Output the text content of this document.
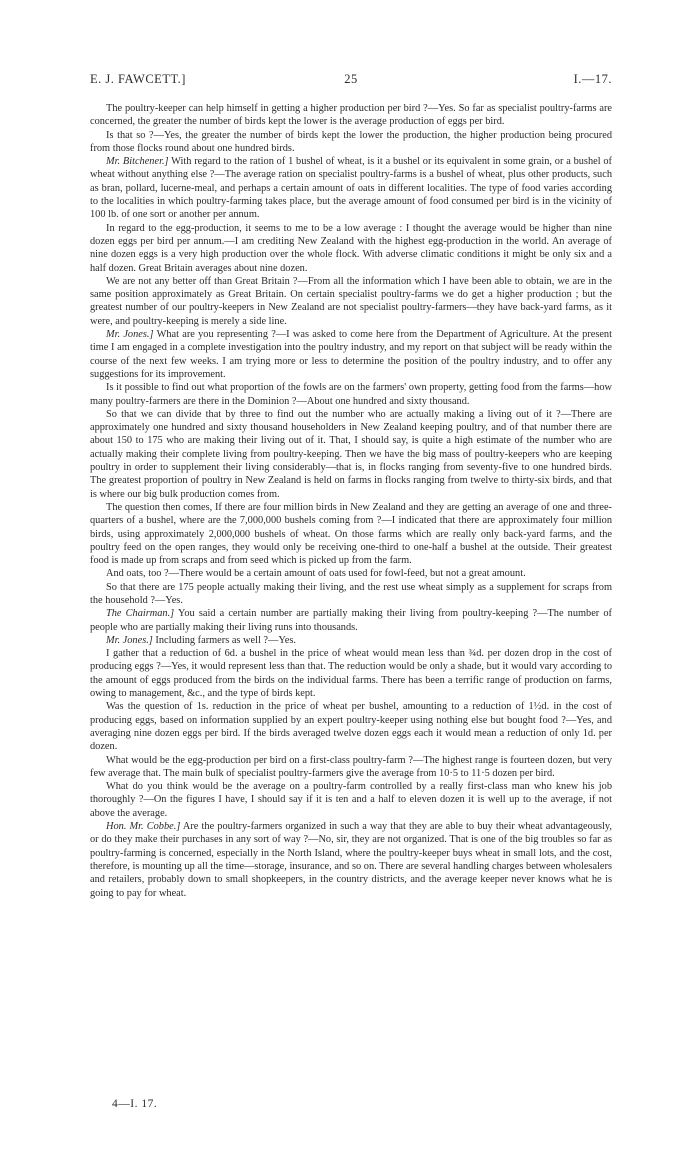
E. J. FAWCETT.]	25	I.—17.

The poultry-keeper can help himself in getting a higher production per bird ?—Yes. So far as specialist poultry-farms are concerned, the greater the number of birds kept the lower is the average production of eggs per bird.

Is that so ?—Yes, the greater the number of birds kept the lower the production, the higher production being procured from those flocks round about one hundred birds.

Mr. Bitchener.] With regard to the ration of 1 bushel of wheat, is it a bushel or its equivalent in some grain, or a bushel of wheat without anything else ?—The average ration on specialist poultry-farms is a bushel of wheat, plus other products, such as bran, pollard, lucerne-meal, and perhaps a certain amount of oats in different localities. The type of food varies according to the localities in which poultry-farming takes place, but the average amount of food consumed per bird is in the vicinity of 100 lb. of one sort or another per annum.

In regard to the egg-production, it seems to me to be a low average : I thought the average would be higher than nine dozen eggs per bird per annum.—I am crediting New Zealand with the highest egg-production in the world. An average of nine dozen eggs is a very high production over the whole flock. With adverse climatic conditions it might be only six and a half dozen. Great Britain averages about nine dozen.

We are not any better off than Great Britain ?—From all the information which I have been able to obtain, we are in the same position approximately as Great Britain. On certain specialist poultry-farms we do get a higher production ; but the greatest number of our poultry-keepers in New Zealand are not specialist poultry-farmers—they have back-yard farms, as it were, and poultry-keeping is merely a side line.

Mr. Jones.] What are you representing ?—I was asked to come here from the Department of Agriculture. At the present time I am engaged in a complete investigation into the poultry industry, and my report on that subject will be ready within the course of the next few weeks. I am trying more or less to determine the position of the poultry industry, and to offer any suggestions for its improvement.

Is it possible to find out what proportion of the fowls are on the farmers' own property, getting food from the farms—how many poultry-farmers are there in the Dominion ?—About one hundred and sixty thousand.

So that we can divide that by three to find out the number who are actually making a living out of it ?—There are approximately one hundred and sixty thousand householders in New Zealand keeping poultry, and of that number there are about 150 to 175 who are making their living out of it. That, I should say, is quite a high estimate of the number who are actually making their complete living from poultry-keeping. Then we have the big mass of poultry-keepers who are keeping poultry in order to supplement their living considerably—that is, in flocks ranging from seventy-five to one hundred birds. The greatest proportion of poultry in New Zealand is held on farms in flocks ranging from twelve to thirty-six birds, and that is where our big bulk production comes from.

The question then comes, If there are four million birds in New Zealand and they are getting an average of one and three-quarters of a bushel, where are the 7,000,000 bushels coming from ?—I indicated that there are approximately four million birds, using approximately 2,000,000 bushels of wheat. On those farms which are really only back-yard farms, and the poultry feed on the open ranges, they would only be receiving one-third to one-half a bushel at the outside. Their greatest food is made up from scraps and from seed which is picked up from the farm.

And oats, too ?—There would be a certain amount of oats used for fowl-feed, but not a great amount.

So that there are 175 people actually making their living, and the rest use wheat simply as a supplement for scraps from the household ?—Yes.

The Chairman.] You said a certain number are partially making their living from poultry-keeping ?—The number of people who are partially making their living runs into thousands.

Mr. Jones.] Including farmers as well ?—Yes.

I gather that a reduction of 6d. a bushel in the price of wheat would mean less than ¾d. per dozen drop in the cost of producing eggs ?—Yes, it would represent less than that. The reduction would be only a shade, but it would vary according to the amount of eggs produced from the birds on the individual farms. There has been a terrific range of production on farms, owing to management, &c., and the type of birds kept.

Was the question of 1s. reduction in the price of wheat per bushel, amounting to a reduction of 1½d. in the cost of producing eggs, based on information supplied by an expert poultry-keeper using nothing else but bought food ?—Yes, and averaging nine dozen eggs per bird. If the birds averaged twelve dozen eggs each it would mean a reduction of only 1d. per dozen.

What would be the egg-production per bird on a first-class poultry-farm ?—The highest range is fourteen dozen, but very few average that. The main bulk of specialist poultry-farmers give the average from 10·5 to 11·5 dozen per bird.

What do you think would be the average on a poultry-farm controlled by a really first-class man who knew his job thoroughly ?—On the figures I have, I should say if it is ten and a half to eleven dozen it is well up to the average, if not above the average.

Hon. Mr. Cobbe.] Are the poultry-farmers organized in such a way that they are able to buy their wheat advantageously, or do they make their purchases in any sort of way ?—No, sir, they are not organized. That is one of the big troubles so far as poultry-farming is concerned, especially in the North Island, where the poultry-keeper buys wheat in small lots, and the cost, therefore, is mounting up all the time—storage, insurance, and so on. There are several handling charges between wholesalers and retailers, probably down to small shopkeepers, in the country districts, and the average keeper never knows what he is going to pay for wheat.

4—I. 17.
